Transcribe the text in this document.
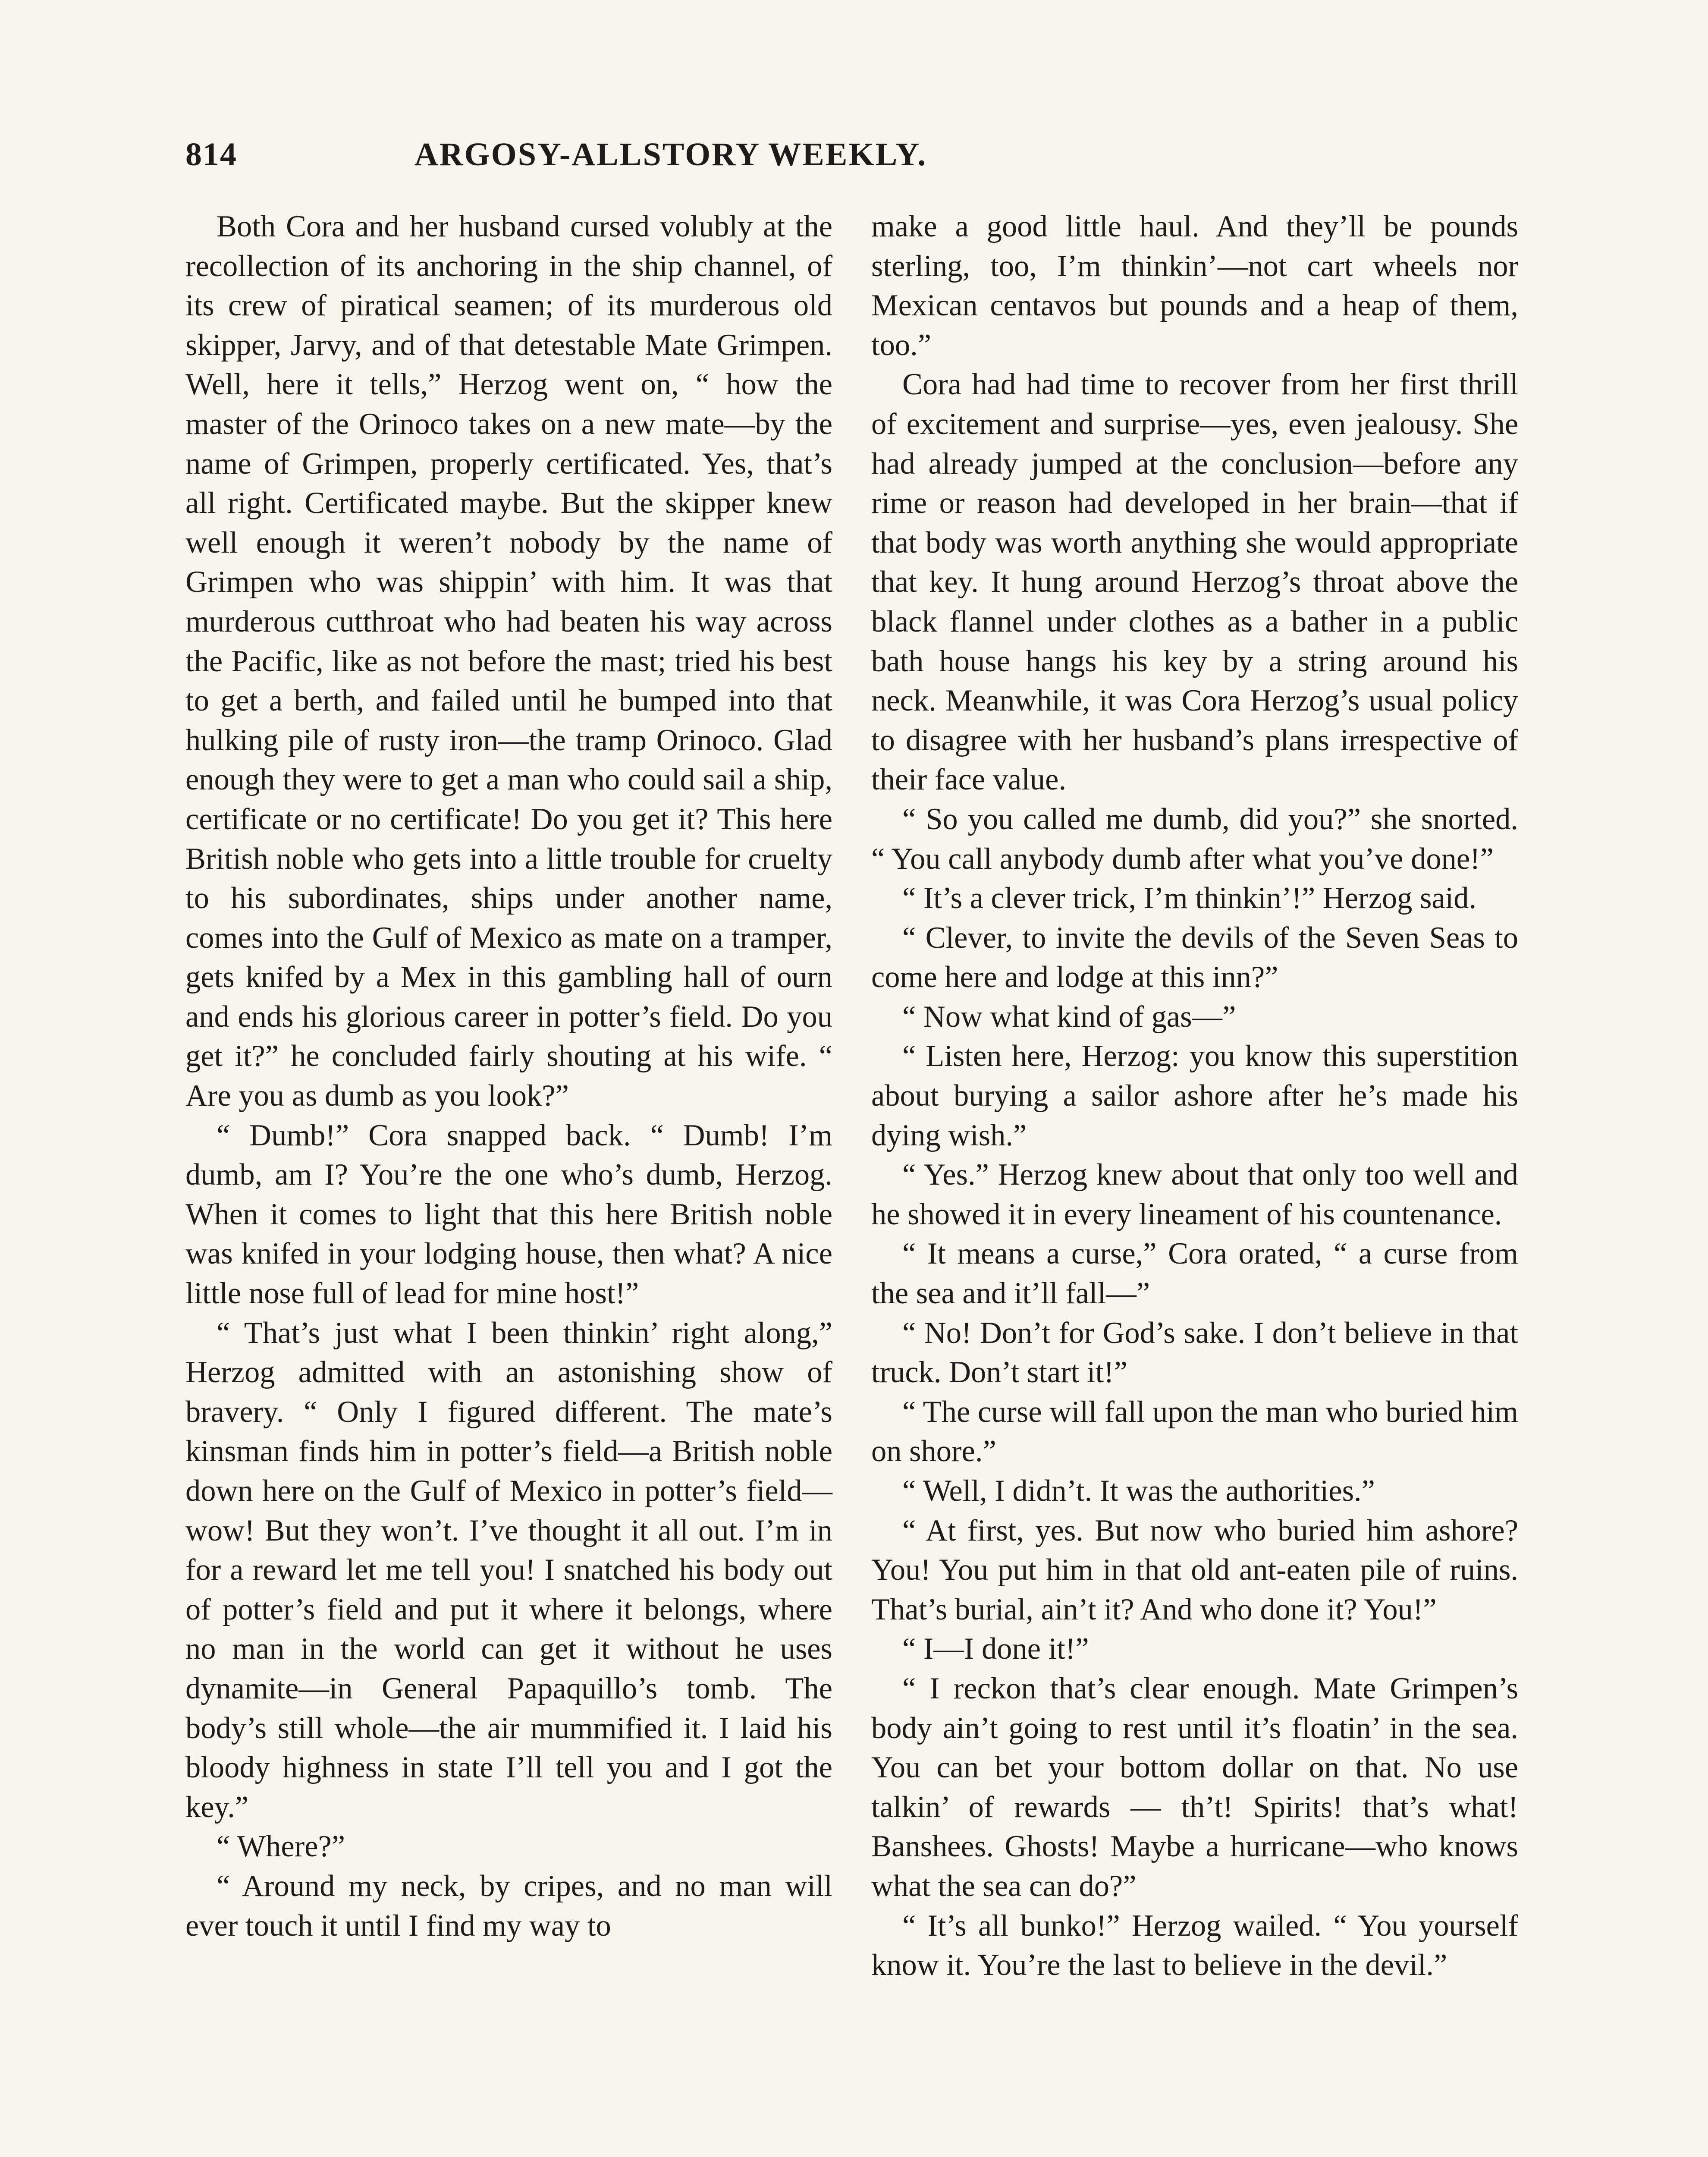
814	ARGOSY-ALLSTORY WEEKLY.

Both Cora and her husband cursed volubly at the recollection of its anchoring in the ship channel, of its crew of piratical seamen; of its murderous old skipper, Jarvy, and of that detestable Mate Grimpen. Well, here it tells,” Herzog went on, “ how the master of the Orinoco takes on a new mate—by the name of Grimpen, properly certificated. Yes, that’s all right. Certificated maybe. But the skipper knew well enough it weren’t nobody by the name of Grimpen who was shippin’ with him. It was that murderous cutthroat who had beaten his way across the Pacific, like as not before the mast; tried his best to get a berth, and failed until he bumped into that hulking pile of rusty iron—the tramp Orinoco. Glad enough they were to get a man who could sail a ship, certificate or no certificate! Do you get it? This here British noble who gets into a little trouble for cruelty to his subordinates, ships under another name, comes into the Gulf of Mexico as mate on a tramper, gets knifed by a Mex in this gambling hall of ourn and ends his glorious career in potter’s field. Do you get it?” he concluded fairly shouting at his wife. “ Are you as dumb as you look?”

“ Dumb!” Cora snapped back. “ Dumb! I’m dumb, am I? You’re the one who’s dumb, Herzog. When it comes to light that this here British noble was knifed in your lodging house, then what? A nice little nose full of lead for mine host!”

“ That’s just what I been thinkin’ right along,” Herzog admitted with an astonishing show of bravery. “ Only I figured different. The mate’s kinsman finds him in potter’s field—a British noble down here on the Gulf of Mexico in potter’s field—wow! But they won’t. I’ve thought it all out. I’m in for a reward let me tell you! I snatched his body out of potter’s field and put it where it belongs, where no man in the world can get it without he uses dynamite—in General Papaquillo’s tomb. The body’s still whole—the air mummified it. I laid his bloody highness in state I’ll tell you and I got the key.”

“ Where?”

“ Around my neck, by cripes, and no man will ever touch it until I find my way to

make a good little haul. And they’ll be pounds sterling, too, I’m thinkin’—not cart wheels nor Mexican centavos but pounds and a heap of them, too.”

Cora had had time to recover from her first thrill of excitement and surprise—yes, even jealousy. She had already jumped at the conclusion—before any rime or reason had developed in her brain—that if that body was worth anything she would appropriate that key. It hung around Herzog’s throat above the black flannel under clothes as a bather in a public bath house hangs his key by a string around his neck. Meanwhile, it was Cora Herzog’s usual policy to disagree with her husband’s plans irrespective of their face value.

“ So you called me dumb, did you?” she snorted. “ You call anybody dumb after what you’ve done!”

“ It’s a clever trick, I’m thinkin’!” Herzog said.

“ Clever, to invite the devils of the Seven Seas to come here and lodge at this inn?”

“ Now what kind of gas—”

“ Listen here, Herzog: you know this superstition about burying a sailor ashore after he’s made his dying wish.”

“ Yes.” Herzog knew about that only too well and he showed it in every lineament of his countenance.

“ It means a curse,” Cora orated, “ a curse from the sea and it’ll fall—”

“ No! Don’t for God’s sake. I don’t believe in that truck. Don’t start it!”

“ The curse will fall upon the man who buried him on shore.”

“ Well, I didn’t. It was the authorities.”

“ At first, yes. But now who buried him ashore? You! You put him in that old ant-eaten pile of ruins. That’s burial, ain’t it? And who done it? You!”

“ I—I done it!”

“ I reckon that’s clear enough. Mate Grimpen’s body ain’t going to rest until it’s floatin’ in the sea. You can bet your bottom dollar on that. No use talkin’ of rewards — th’t! Spirits! that’s what! Banshees. Ghosts! Maybe a hurricane—who knows what the sea can do?”

“ It’s all bunko!” Herzog wailed. “ You yourself know it. You’re the last to believe in the devil.”
